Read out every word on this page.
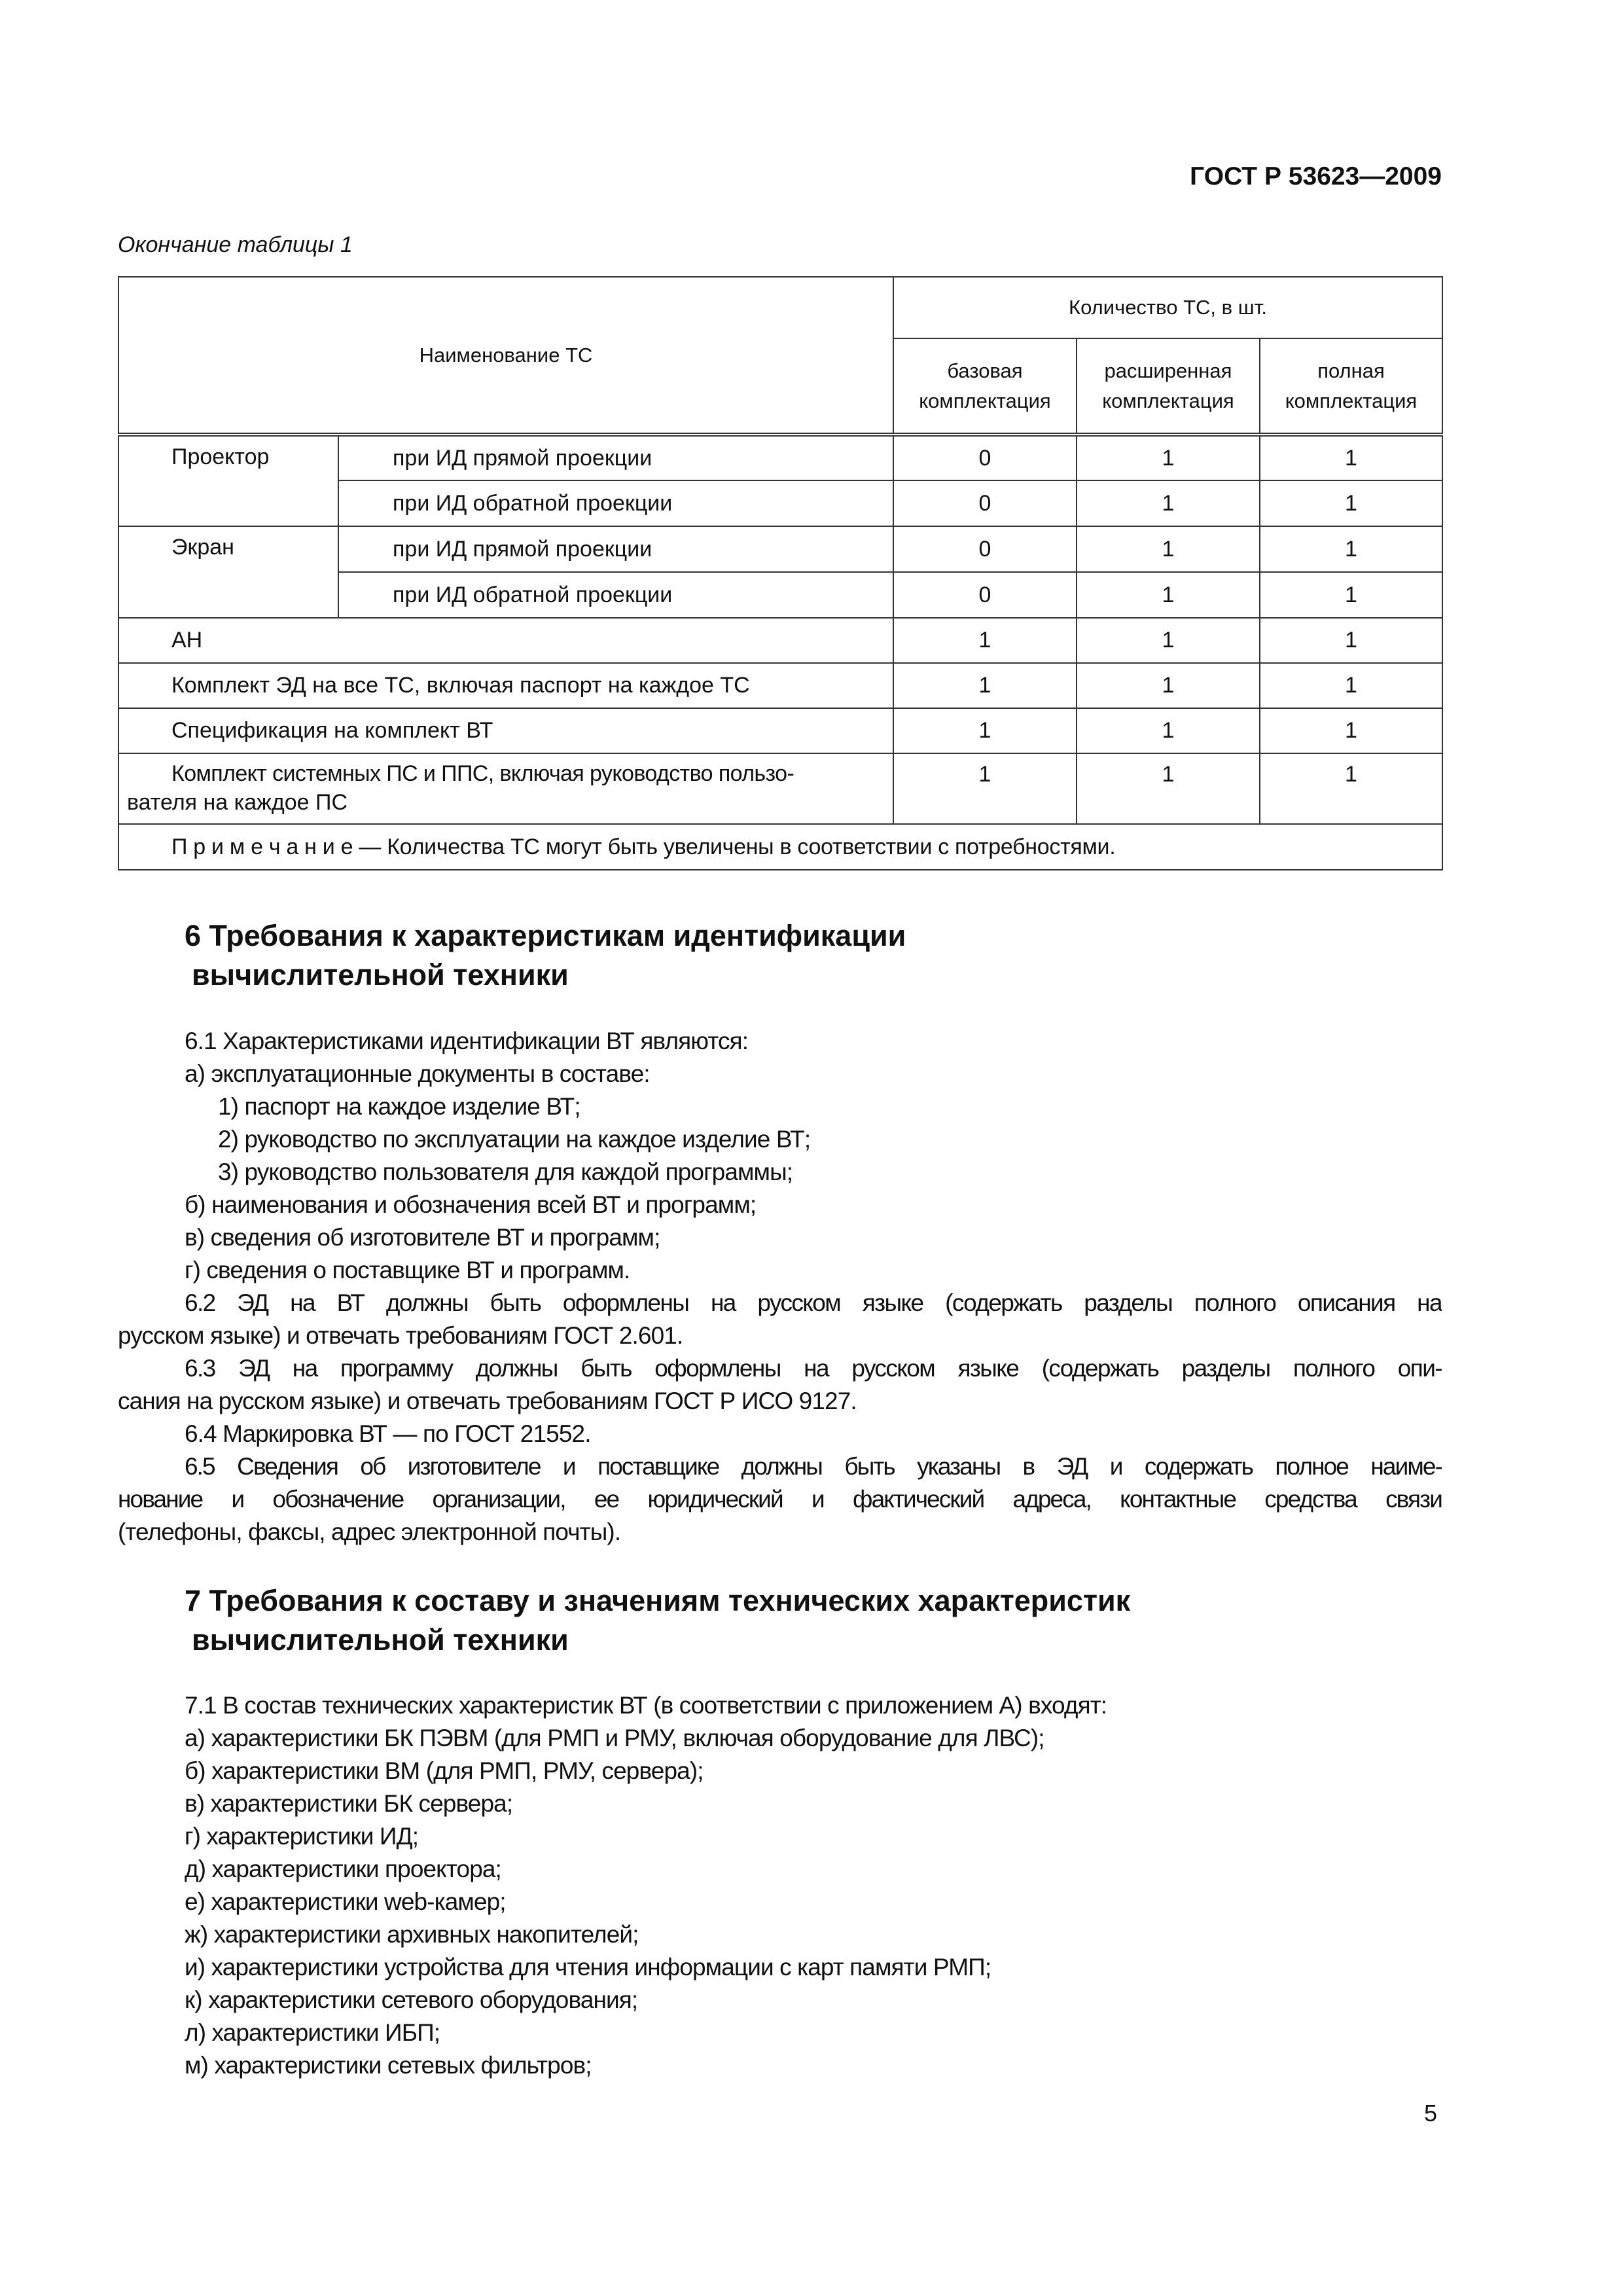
ГОСТ Р 53623—2009
Окончание таблицы 1
Наименование ТС		Количество ТС, в шт.		
		базовая комплектация	расширенная комплектация	полная комплектация
Проектор	при ИД прямой проекции	0	1	1
	при ИД обратной проекции	0	1	1
Экран	при ИД прямой проекции	0	1	1
	при ИД обратной проекции	0	1	1
АН		1	1	1
Комплект ЭД на все ТС, включая паспорт на каждое ТС		1	1	1
Спецификация на комплект ВТ		1	1	1

Комплект системных ПС и ППС, включая руководство пользо-
вателя на каждое ПС		1	1	1
П р и м е ч а н и е — Количества ТС могут быть увеличены в соответствии с потребностями.				
6 Требования к характеристикам идентификации
вычислительной техники
6.1 Характеристиками идентификации ВТ являются:
а) эксплуатационные документы в составе:
1) паспорт на каждое изделие ВТ;
2) руководство по эксплуатации на каждое изделие ВТ;
3) руководство пользователя для каждой программы;
б) наименования и обозначения всей ВТ и программ;
в) сведения об изготовителе ВТ и программ;
г) сведения о поставщике ВТ и программ.
6.2 ЭД на ВТ должны быть оформлены на русском языке (содержать разделы полного описания на
русском языке) и отвечать требованиям ГОСТ 2.601.
6.3 ЭД на программу должны быть оформлены на русском языке (содержать разделы полного опи-
сания на русском языке) и отвечать требованиям ГОСТ Р ИСО 9127.
6.4 Маркировка ВТ — по ГОСТ 21552.
6.5 Сведения об изготовителе и поставщике должны быть указаны в ЭД и содержать полное наиме-
нование и обозначение организации, ее юридический и фактический адреса, контактные средства связи
(телефоны, факсы, адрес электронной почты).
7 Требования к составу и значениям технических характеристик
вычислительной техники
7.1 В состав технических характеристик ВТ (в соответствии с приложением А) входят:
а) характеристики БК ПЭВМ (для РМП и РМУ, включая оборудование для ЛВС);
б) характеристики ВМ (для РМП, РМУ, сервера);
в) характеристики БК сервера;
г) характеристики ИД;
д) характеристики проектора;
е) характеристики web-камер;
ж) характеристики архивных накопителей;
и) характеристики устройства для чтения информации с карт памяти РМП;
к) характеристики сетевого оборудования;
л) характеристики ИБП;
м) характеристики сетевых фильтров;
5
